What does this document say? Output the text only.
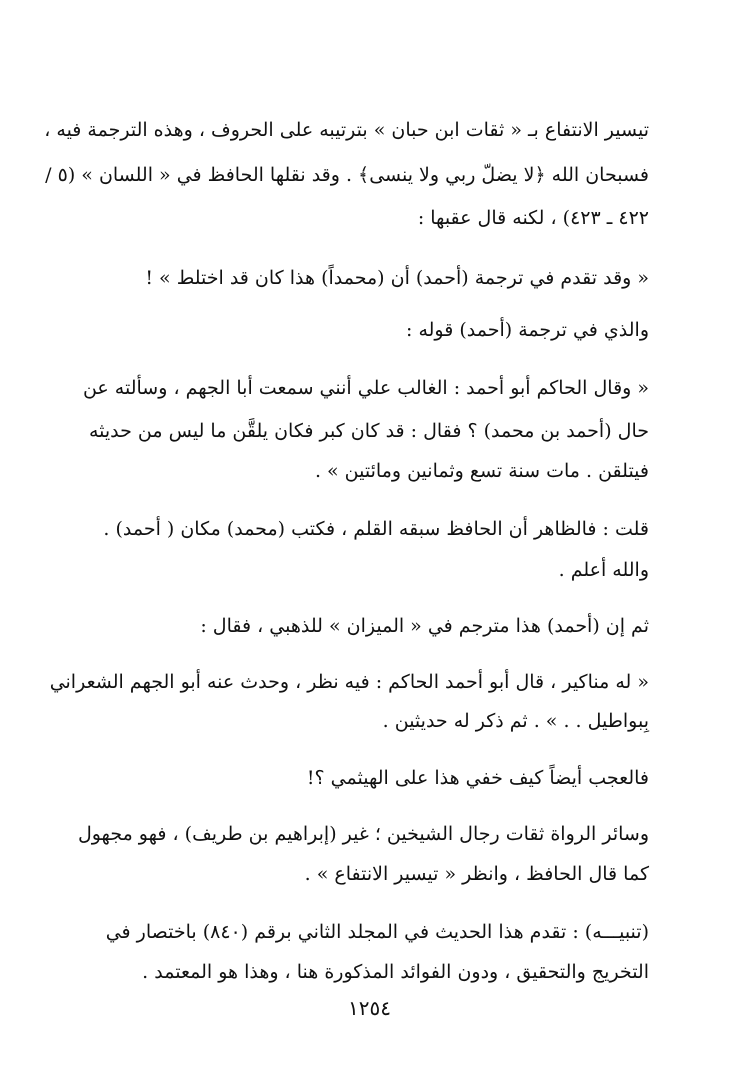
تيسير الانتفاع بـ « ثقات ابن حبان » بترتيبه على الحروف ، وهذه الترجمة فيه ،
فسبحان الله ﴿لا يضلّ ربي ولا ينسى﴾ . وقد نقلها الحافظ في « اللسان » (٥ /
٤٢٢ ـ ٤٢٣) ، لكنه قال عقبها :
« وقد تقدم في ترجمة (أحمد) أن (محمداً) هذا كان قد اختلط » !
والذي في ترجمة (أحمد) قوله :
« وقال الحاكم أبو أحمد : الغالب علي أنني سمعت أبا الجهم ، وسألته عن
حال (أحمد بن محمد) ؟ فقال : قد كان كبر فكان يلقَّن ما ليس من حديثه
فيتلقن . مات سنة تسع وثمانين ومائتين » .
قلت : فالظاهر أن الحافظ سبقه القلم ، فكتب (محمد) مكان ( أحمد) .
والله أعلم .
ثم إن (أحمد) هذا مترجم في « الميزان » للذهبي ، فقال :
« له مناكير ، قال أبو أحمد الحاكم : فيه نظر ، وحدث عنه أبو الجهم الشعراني
بِبواطيل . . » . ثم ذكر له حديثين .
فالعجب أيضاً كيف خفي هذا على الهيثمي ؟!
وسائر الرواة ثقات رجال الشيخين ؛ غير (إبراهيم بن طريف) ، فهو مجهول
كما قال الحافظ ، وانظر « تيسير الانتفاع » .
(تنبيـــه) : تقدم هذا الحديث في المجلد الثاني برقم (٨٤٠) باختصار في
التخريج والتحقيق ، ودون الفوائد المذكورة هنا ، وهذا هو المعتمد .
١٢٥٤
